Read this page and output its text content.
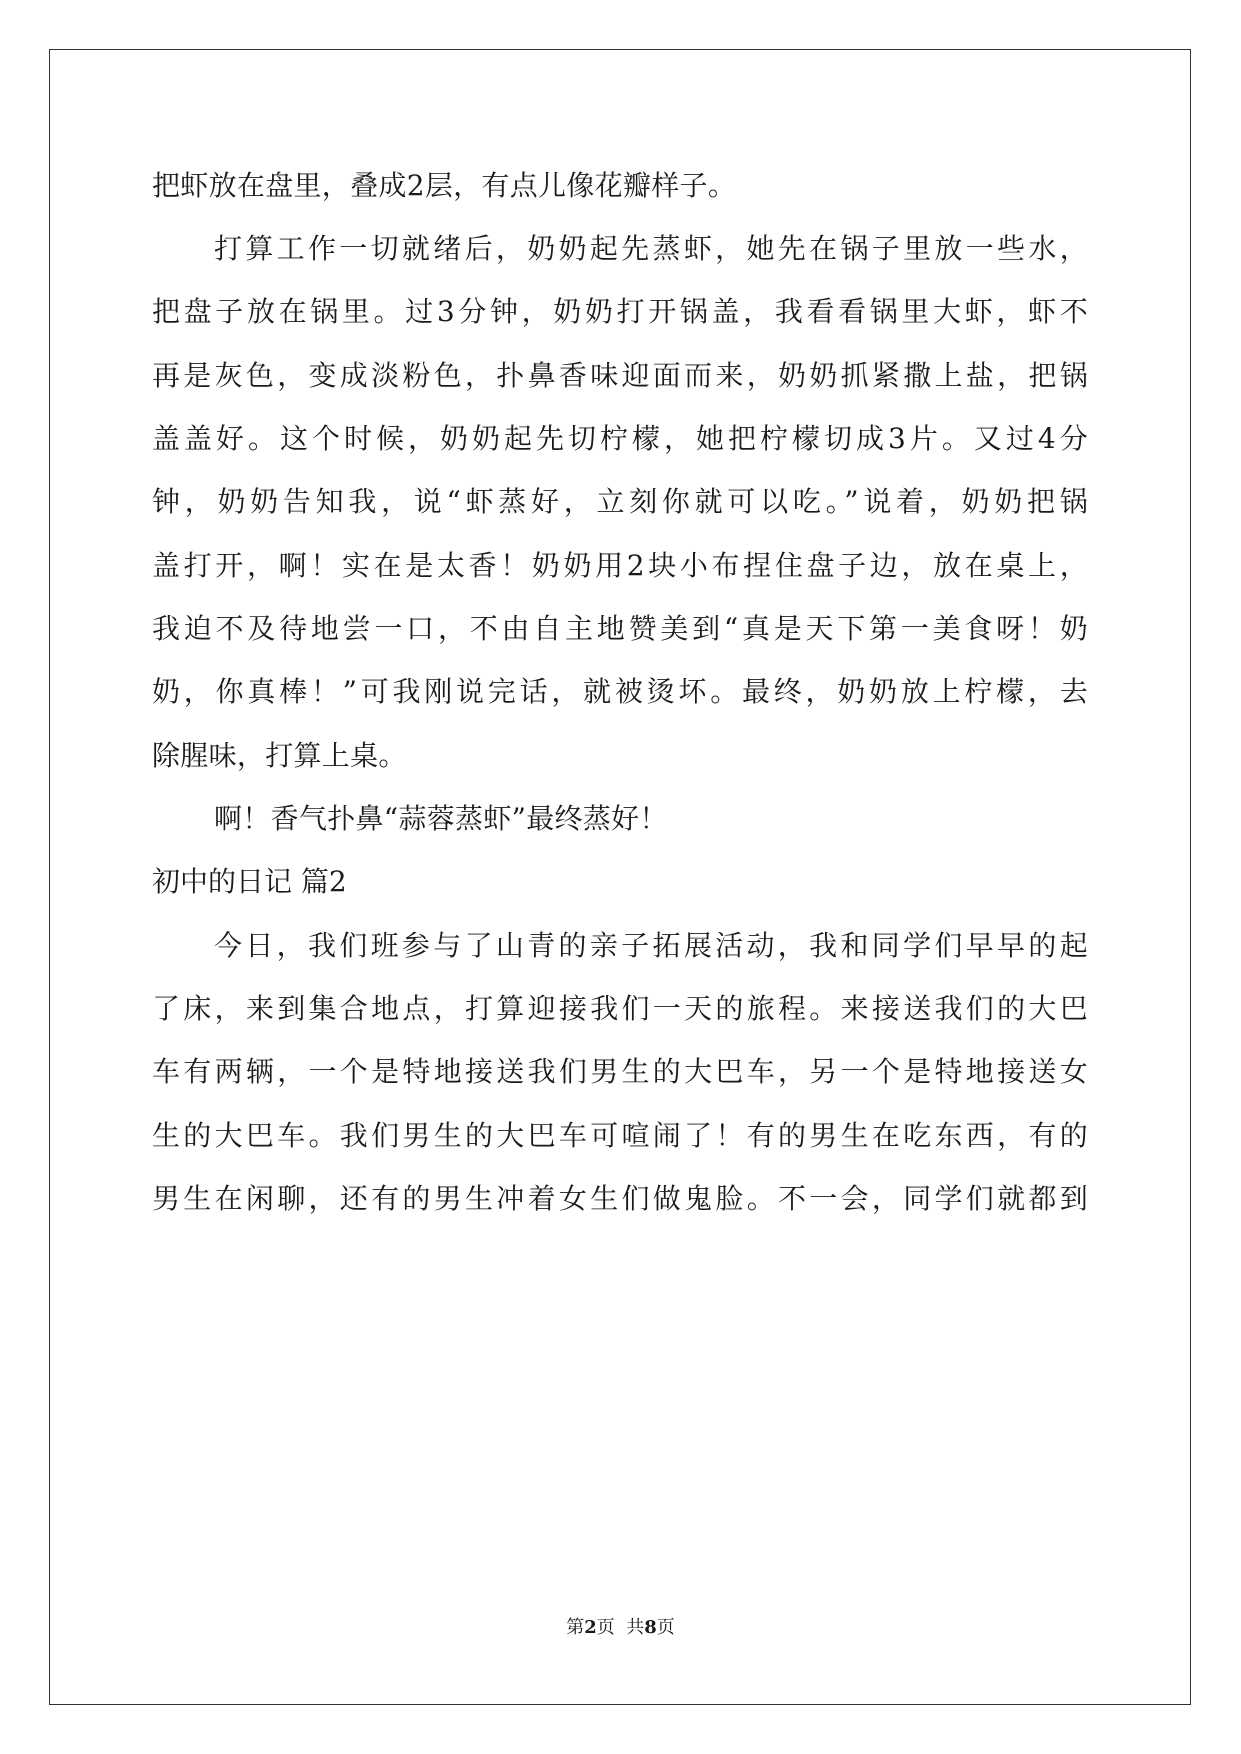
把虾放在盘里，叠成2层，有点儿像花瓣样子。
打算工作一切就绪后，奶奶起先蒸虾，她先在锅子里放一些水，
把盘子放在锅里。过3分钟，奶奶打开锅盖，我看看锅里大虾，虾不
再是灰色，变成淡粉色，扑鼻香味迎面而来，奶奶抓紧撒上盐，把锅
盖盖好。这个时候，奶奶起先切柠檬，她把柠檬切成3片。又过4分
钟，奶奶告知我，说“虾蒸好，立刻你就可以吃。”说着，奶奶把锅
盖打开，啊！实在是太香！奶奶用2块小布捏住盘子边，放在桌上，
我迫不及待地尝一口，不由自主地赞美到“真是天下第一美食呀！奶
奶，你真棒！”可我刚说完话，就被烫坏。最终，奶奶放上柠檬，去
除腥味，打算上桌。
啊！香气扑鼻“蒜蓉蒸虾”最终蒸好！
初中的日记 篇2
今日，我们班参与了山青的亲子拓展活动，我和同学们早早的起
了床，来到集合地点，打算迎接我们一天的旅程。来接送我们的大巴
车有两辆，一个是特地接送我们男生的大巴车，另一个是特地接送女
生的大巴车。我们男生的大巴车可喧闹了！有的男生在吃东西，有的
男生在闲聊，还有的男生冲着女生们做鬼脸。不一会，同学们就都到
第2页  共8页
